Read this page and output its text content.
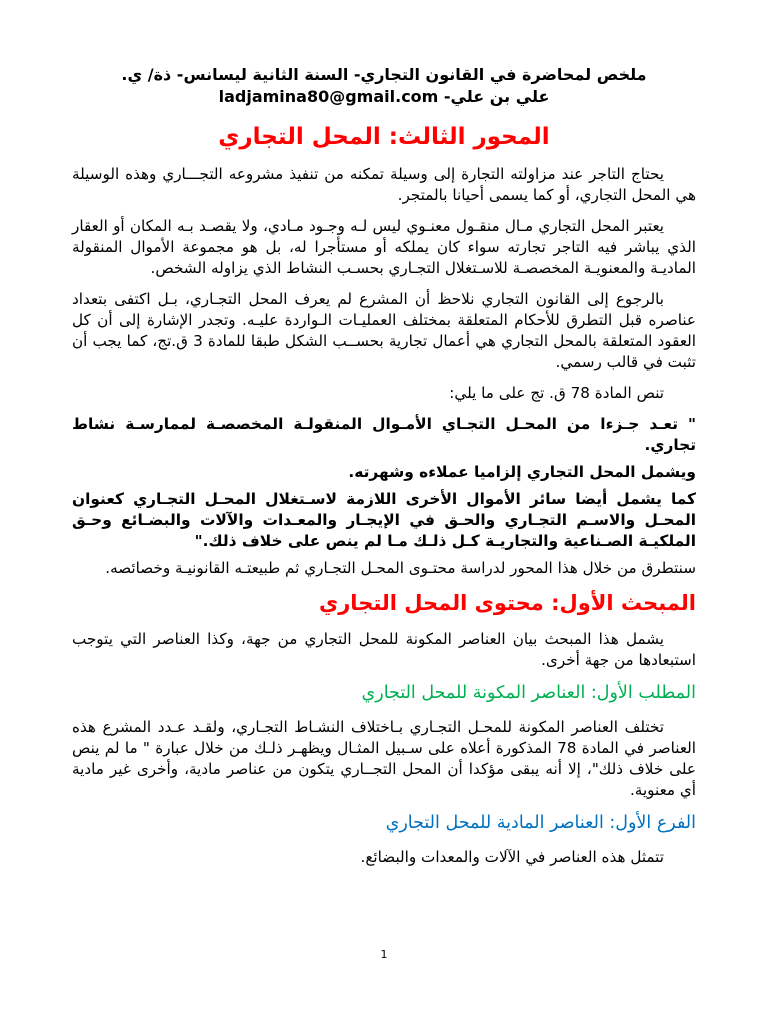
ملخص لمحاضرة في القانون التجاري- السنة الثانية ليسانس- ذة/ ي.
علي بن علي- ladjamina80@gmail.com
المحور الثالث: المحل التجاري

يحتاج التاجر عند مزاولته التجارة إلى وسيلة تمكنه من تنفيذ مشروعه التجـــاري وهذه الوسيلة هي المحل التجاري، أو كما يسمى أحيانا بالمتجر.

يعتبر المحل التجاري مـال منقـول معنـوي ليس لـه وجـود مـادي، ولا يقصـد بـه المكان أو العقار الذي يباشر فيه التاجر تجارته سواء كان يملكه أو مستأجرا له، بل هو مجموعة الأموال المنقولة الماديـة والمعنويـة المخصصـة للاسـتغلال التجـاري بحسـب النشاط الذي يزاوله الشخص.

بالرجوع إلى القانون التجاري نلاحظ أن المشرع لم يعرف المحل التجـاري، بـل اكتفى بتعداد عناصره قبل التطرق للأحكام المتعلقة بمختلف العمليـات الـواردة عليـه. وتجدر الإشارة إلى أن كل العقود المتعلقة بالمحل التجاري هي أعمال تجارية بحســب الشكل طبقا للمادة 3 ق.تج، كما يجب أن تثبت في قالب رسمي.

تنص المادة 78 ق. تج على ما يلي:

" تعـد جـزءا من المحـل التجـاي الأمـوال المنقولـة المخصصـة لممارسـة نشاط تجاري.

ويشمل المحل التجاري إلزاميا عملاءه وشهرته.

كما يشمل أيضا سائر الأموال الأخرى اللازمة لاسـتغلال المحـل التجـاري كعنوان المحـل والاسـم التجـاري والحـق في الإيجـار والمعـدات والآلات والبضـائع وحـق الملكيـة الصـناعية والتجاريـة كـل ذلـك مـا لم ينص على خلاف ذلك."

سنتطرق من خلال هذا المحور لدراسة محتـوى المحـل التجـاري ثم طبيعتـه القانونيـة وخصائصه.

المبحث الأول: محتوى المحل التجاري

يشمل هذا المبحث بيان العناصر المكونة للمحل التجاري من جهة، وكذا العناصر التي يتوجب استبعادها من جهة أخرى.

المطلب الأول: العناصر المكونة للمحل التجاري

تختلف العناصر المكونة للمحـل التجـاري بـاختلاف النشـاط التجـاري، ولقـد عـدد المشرع هذه العناصر في المادة 78 المذكورة أعلاه على سـبيل المثـال ويظهـر ذلـك من خلال عبارة " ما لم ينص على خلاف ذلك"، إلا أنه يبقى مؤكدا أن المحل التجــاري يتكون من عناصر مادية، وأخرى غير مادية أي معنوية.

الفرع الأول: العناصر المادية للمحل التجاري

تتمثل هذه العناصر في الآلات والمعدات والبضائع.

1
